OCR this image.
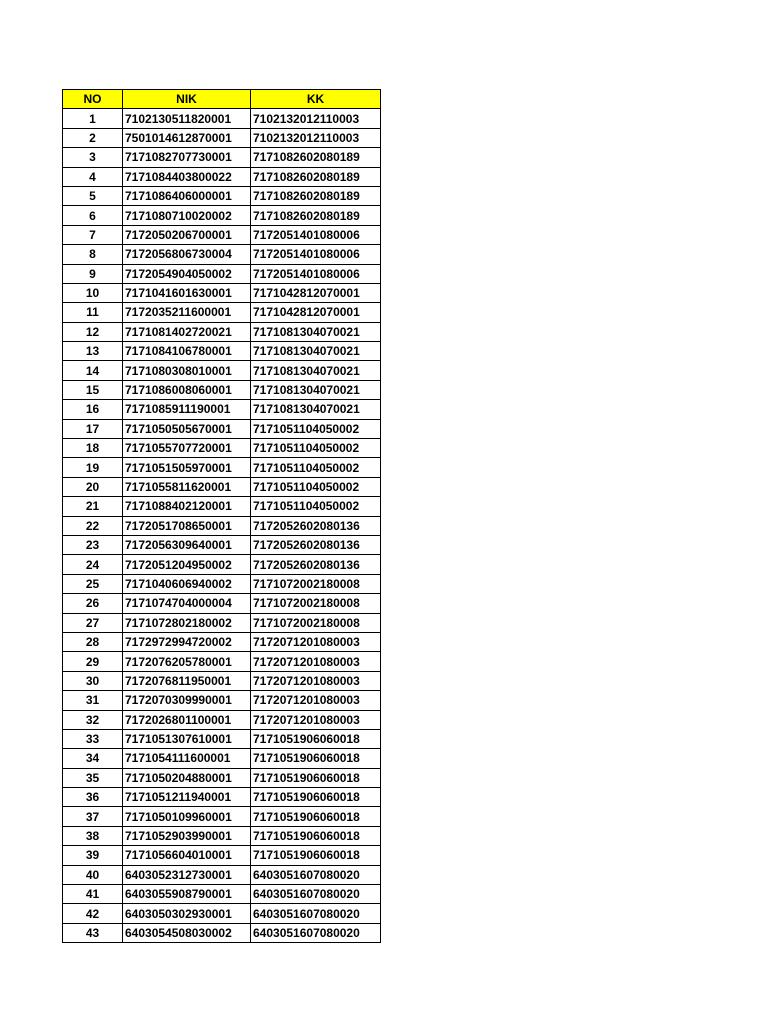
NO	NIK	KK
1	7102130511820001	7102132012110003
2	7501014612870001	7102132012110003
3	7171082707730001	7171082602080189
4	7171084403800022	7171082602080189
5	7171086406000001	7171082602080189
6	7171080710020002	7171082602080189
7	7172050206700001	7172051401080006
8	7172056806730004	7172051401080006
9	7172054904050002	7172051401080006
10	7171041601630001	7171042812070001
11	7172035211600001	7171042812070001
12	7171081402720021	7171081304070021
13	7171084106780001	7171081304070021
14	7171080308010001	7171081304070021
15	7171086008060001	7171081304070021
16	7171085911190001	7171081304070021
17	7171050505670001	7171051104050002
18	7171055707720001	7171051104050002
19	7171051505970001	7171051104050002
20	7171055811620001	7171051104050002
21	7171088402120001	7171051104050002
22	7172051708650001	7172052602080136
23	7172056309640001	7172052602080136
24	7172051204950002	7172052602080136
25	7171040606940002	7171072002180008
26	7171074704000004	7171072002180008
27	7171072802180002	7171072002180008
28	7172972994720002	7172071201080003
29	7172076205780001	7172071201080003
30	7172076811950001	7172071201080003
31	7172070309990001	7172071201080003
32	7172026801100001	7172071201080003
33	7171051307610001	7171051906060018
34	7171054111600001	7171051906060018
35	7171050204880001	7171051906060018
36	7171051211940001	7171051906060018
37	7171050109960001	7171051906060018
38	7171052903990001	7171051906060018
39	7171056604010001	7171051906060018
40	6403052312730001	6403051607080020
41	6403055908790001	6403051607080020
42	6403050302930001	6403051607080020
43	6403054508030002	6403051607080020
